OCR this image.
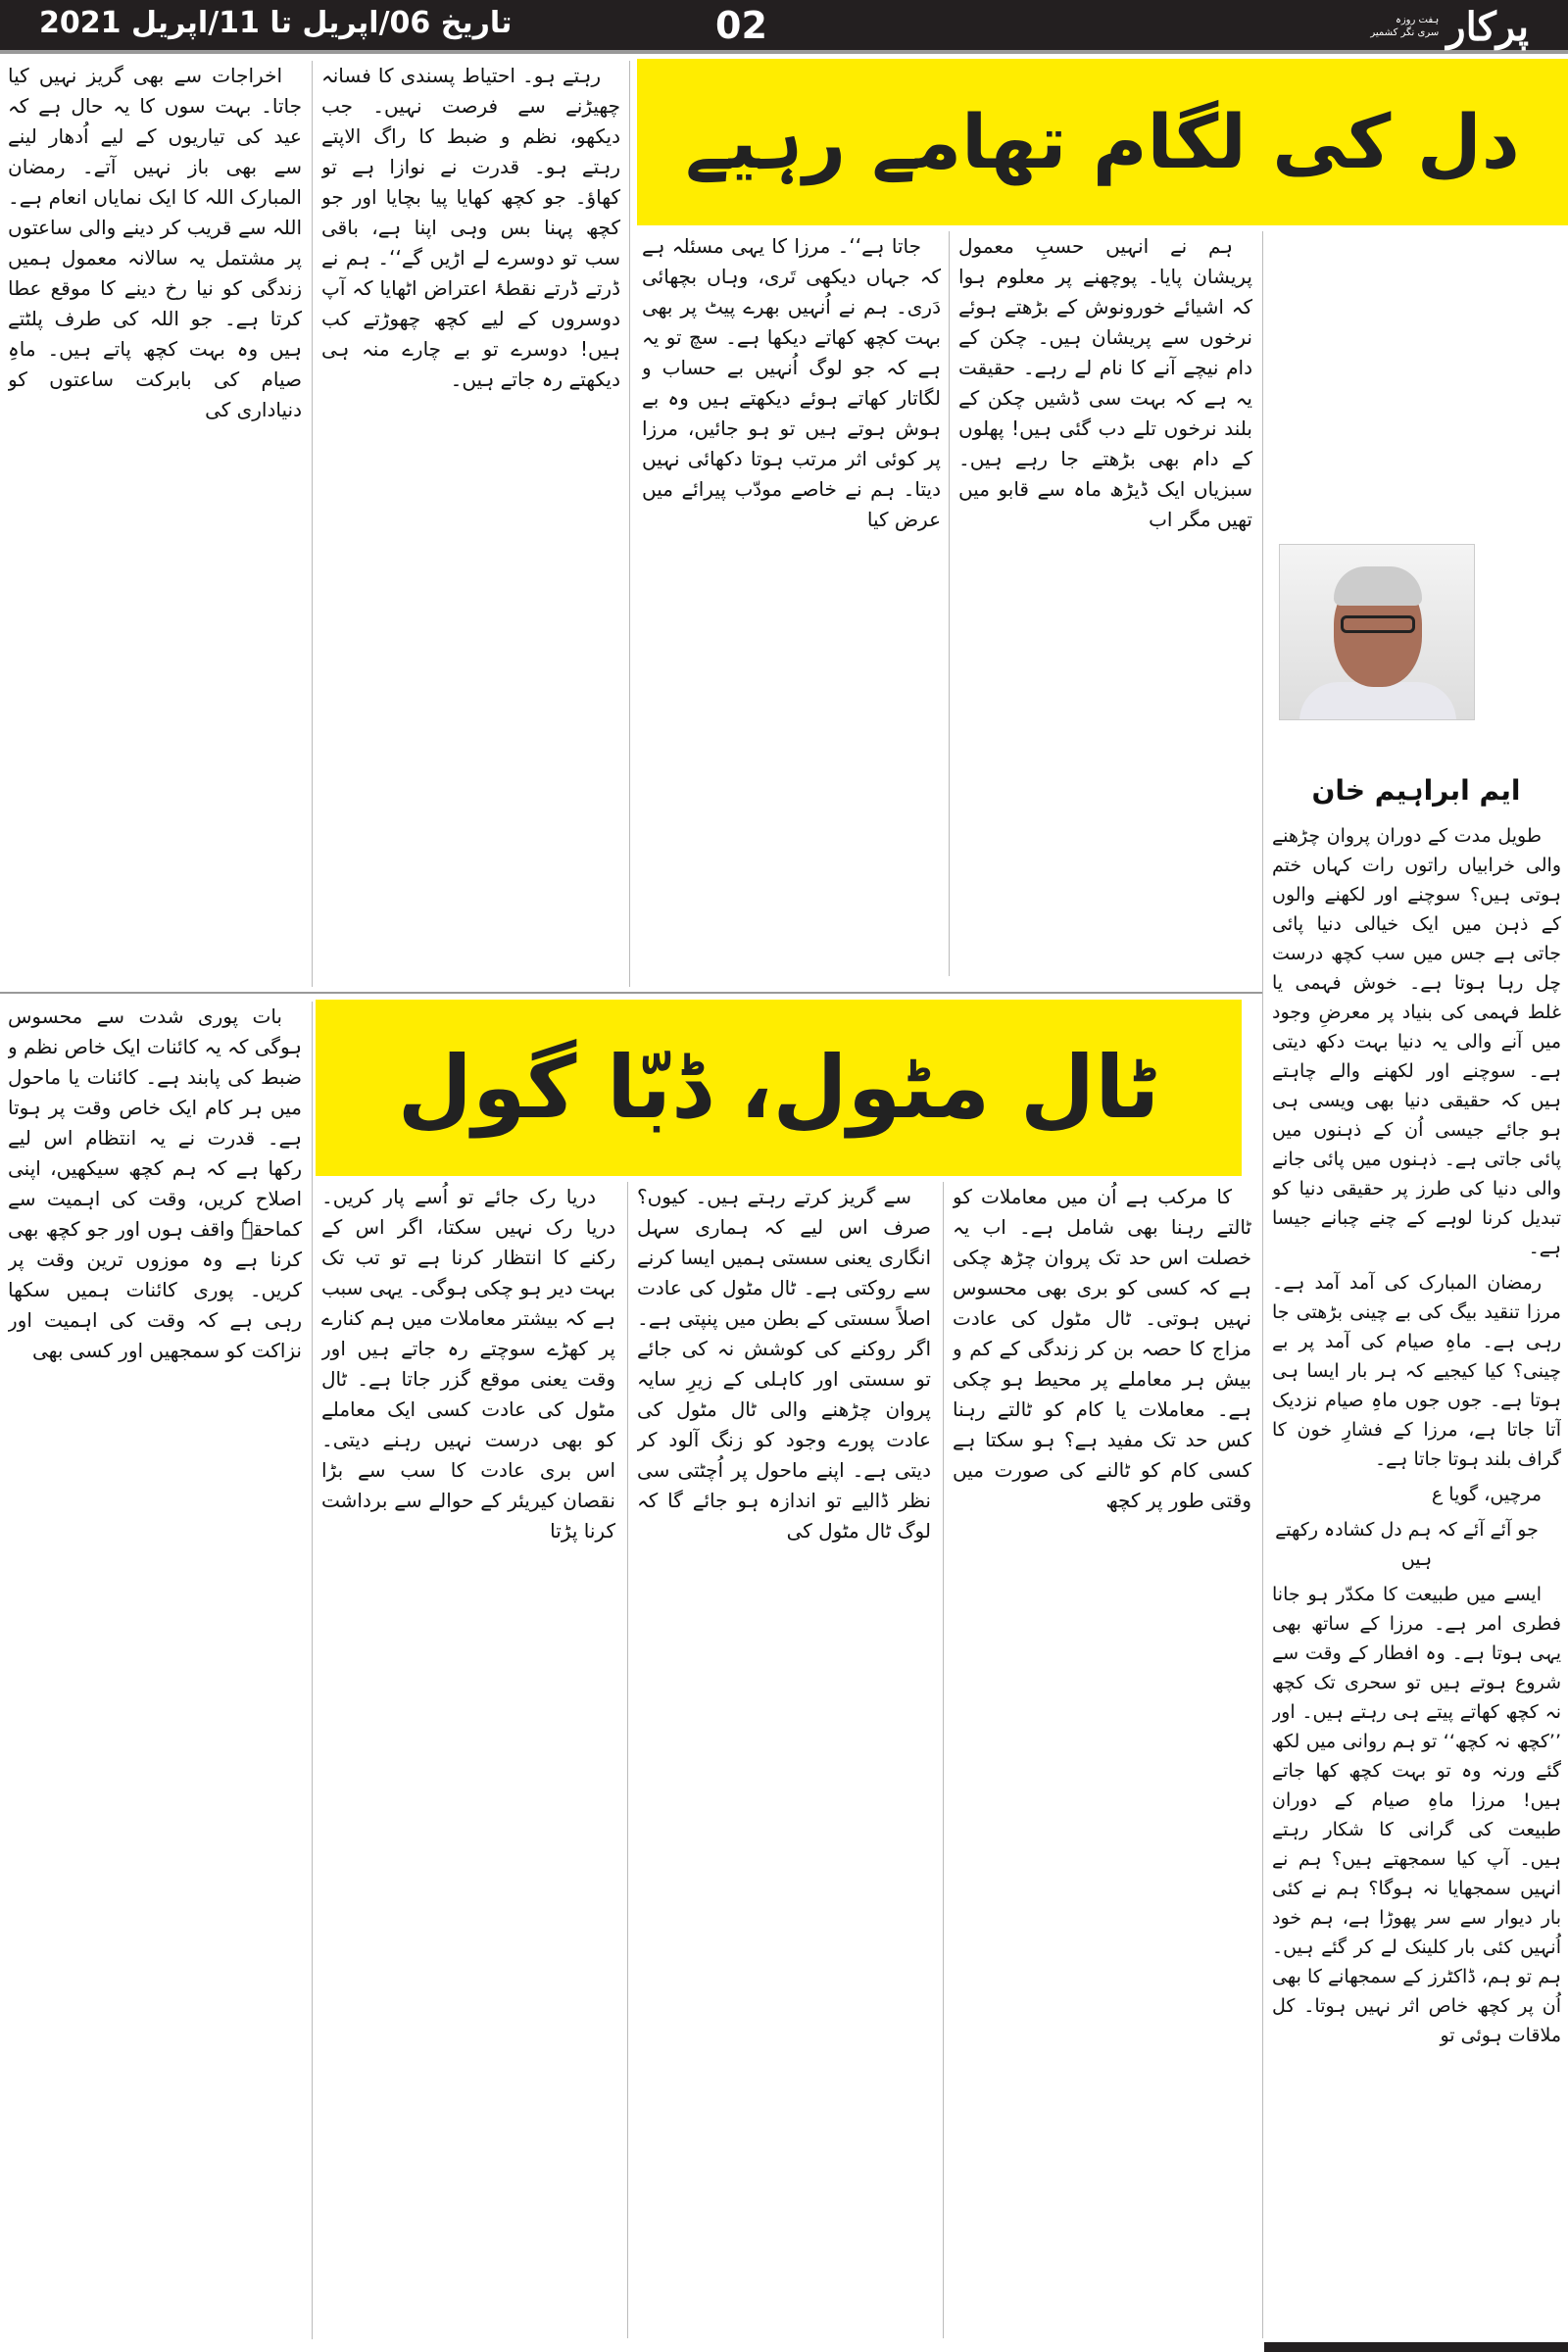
پرکار
ہفت روزہ
سری نگر کشمیر
02
تاریخ 06/اپریل تا 11/اپریل 2021
دل کی لگام تھامے رہیے

اخراجات سے بھی گریز نہیں کیا جاتا۔ بہت سوں کا یہ حال ہے کہ عید کی تیاریوں کے لیے اُدھار لینے سے بھی باز نہیں آتے۔ رمضان المبارک اللہ کا ایک نمایاں انعام ہے۔ اللہ سے قریب کر دینے والی ساعتوں پر مشتمل یہ سالانہ معمول ہمیں زندگی کو نیا رخ دینے کا موقع عطا کرتا ہے۔ جو اللہ کی طرف پلٹتے ہیں وہ بہت کچھ پاتے ہیں۔ ماہِ صیام کی بابرکت ساعتوں کو دنیاداری کی

رہتے ہو۔ احتیاط پسندی کا فسانہ چھیڑنے سے فرصت نہیں۔ جب دیکھو، نظم و ضبط کا راگ الاپتے رہتے ہو۔ قدرت نے نوازا ہے تو کھاؤ۔ جو کچھ کھایا پیا بچایا اور جو کچھ پہنا بس وہی اپنا ہے، باقی سب تو دوسرے لے اڑیں گے‘‘۔ ہم نے ڈرتے ڈرتے نقطۂ اعتراض اٹھایا کہ آپ دوسروں کے لیے کچھ چھوڑتے کب ہیں! دوسرے تو بے چارے منہ ہی دیکھتے رہ جاتے ہیں۔

جاتا ہے‘‘۔ مرزا کا یہی مسئلہ ہے کہ جہاں دیکھی تَری، وہاں بچھائی دَری۔ ہم نے اُنہیں بھرے پیٹ پر بھی بہت کچھ کھاتے دیکھا ہے۔ سچ تو یہ ہے کہ جو لوگ اُنہیں بے حساب و لگاتار کھاتے ہوئے دیکھتے ہیں وہ بے ہوش ہوتے ہیں تو ہو جائیں، مرزا پر کوئی اثر مرتب ہوتا دکھائی نہیں دیتا۔ ہم نے خاصے مودّب پیرائے میں عرض کیا

ہم نے انہیں حسبِ معمول پریشان پایا۔ پوچھنے پر معلوم ہوا کہ اشیائے خورونوش کے بڑھتے ہوئے نرخوں سے پریشان ہیں۔ چکن کے دام نیچے آنے کا نام لے رہے۔ حقیقت یہ ہے کہ بہت سی ڈشیں چکن کے بلند نرخوں تلے دب گئی ہیں! پھلوں کے دام بھی بڑھتے جا رہے ہیں۔ سبزیاں ایک ڈیڑھ ماہ سے قابو میں تھیں مگر اب

ایم ابراہیم خان

طویل مدت کے دوران پروان چڑھنے والی خرابیاں راتوں رات کہاں ختم ہوتی ہیں؟ سوچنے اور لکھنے والوں کے ذہن میں ایک خیالی دنیا پائی جاتی ہے جس میں سب کچھ درست چل رہا ہوتا ہے۔ خوش فہمی یا غلط فہمی کی بنیاد پر معرضِ وجود میں آنے والی یہ دنیا بہت دکھ دیتی ہے۔ سوچنے اور لکھنے والے چاہتے ہیں کہ حقیقی دنیا بھی ویسی ہی ہو جائے جیسی اُن کے ذہنوں میں پائی جاتی ہے۔ ذہنوں میں پائی جانے والی دنیا کی طرز پر حقیقی دنیا کو تبدیل کرنا لوہے کے چنے چبانے جیسا ہے۔

رمضان المبارک کی آمد آمد ہے۔ مرزا تنقید بیگ کی بے چینی بڑھتی جا رہی ہے۔ ماہِ صیام کی آمد پر بے چینی؟ کیا کیجیے کہ ہر بار ایسا ہی ہوتا ہے۔ جوں جوں ماہِ صیام نزدیک آتا جاتا ہے، مرزا کے فشارِ خون کا گراف بلند ہوتا جاتا ہے۔

مرچیں، گویا ع

جو آئے آئے کہ ہم دل کشادہ رکھتے ہیں

ایسے میں طبیعت کا مکدّر ہو جانا فطری امر ہے۔ مرزا کے ساتھ بھی یہی ہوتا ہے۔ وہ افطار کے وقت سے شروع ہوتے ہیں تو سحری تک کچھ نہ کچھ کھاتے پیتے ہی رہتے ہیں۔ اور ’’کچھ نہ کچھ‘‘ تو ہم روانی میں لکھ گئے ورنہ وہ تو بہت کچھ کھا جاتے ہیں! مرزا ماہِ صیام کے دوران طبیعت کی گرانی کا شکار رہتے ہیں۔ آپ کیا سمجھتے ہیں؟ ہم نے انہیں سمجھایا نہ ہوگا؟ ہم نے کئی بار دیوار سے سر پھوڑا ہے، ہم خود اُنہیں کئی بار کلینک لے کر گئے ہیں۔ ہم تو ہم، ڈاکٹرز کے سمجھانے کا بھی اُن پر کچھ خاص اثر نہیں ہوتا۔ کل ملاقات ہوئی تو

ٹال مٹول، ڈبّا گول

بات پوری شدت سے محسوس ہوگی کہ یہ کائنات ایک خاص نظم و ضبط کی پابند ہے۔ کائنات یا ماحول میں ہر کام ایک خاص وقت پر ہوتا ہے۔ قدرت نے یہ انتظام اس لیے رکھا ہے کہ ہم کچھ سیکھیں، اپنی اصلاح کریں، وقت کی اہمیت سے کماحقہٗ واقف ہوں اور جو کچھ بھی کرنا ہے وہ موزوں ترین وقت پر کریں۔ پوری کائنات ہمیں سکھا رہی ہے کہ وقت کی اہمیت اور نزاکت کو سمجھیں اور کسی بھی

دریا رک جائے تو اُسے پار کریں۔ دریا رک نہیں سکتا، اگر اس کے رکنے کا انتظار کرنا ہے تو تب تک بہت دیر ہو چکی ہوگی۔ یہی سبب ہے کہ بیشتر معاملات میں ہم کنارے پر کھڑے سوچتے رہ جاتے ہیں اور وقت یعنی موقع گزر جاتا ہے۔ ٹال مٹول کی عادت کسی ایک معاملے کو بھی درست نہیں رہنے دیتی۔ اس بری عادت کا سب سے بڑا نقصان کیریئر کے حوالے سے برداشت کرنا پڑتا

سے گریز کرتے رہتے ہیں۔ کیوں؟ صرف اس لیے کہ ہماری سہل انگاری یعنی سستی ہمیں ایسا کرنے سے روکتی ہے۔ ٹال مٹول کی عادت اصلاً سستی کے بطن میں پنپتی ہے۔ اگر روکنے کی کوشش نہ کی جائے تو سستی اور کاہلی کے زیرِ سایہ پروان چڑھنے والی ٹال مٹول کی عادت پورے وجود کو زنگ آلود کر دیتی ہے۔ اپنے ماحول پر اُچٹتی سی نظر ڈالیے تو اندازہ ہو جائے گا کہ لوگ ٹال مٹول کی

کا مرکب ہے اُن میں معاملات کو ٹالتے رہنا بھی شامل ہے۔ اب یہ خصلت اس حد تک پروان چڑھ چکی ہے کہ کسی کو بری بھی محسوس نہیں ہوتی۔ ٹال مٹول کی عادت مزاج کا حصہ بن کر زندگی کے کم و بیش ہر معاملے پر محیط ہو چکی ہے۔ معاملات یا کام کو ٹالتے رہنا کس حد تک مفید ہے؟ ہو سکتا ہے کسی کام کو ٹالنے کی صورت میں وقتی طور پر کچھ
